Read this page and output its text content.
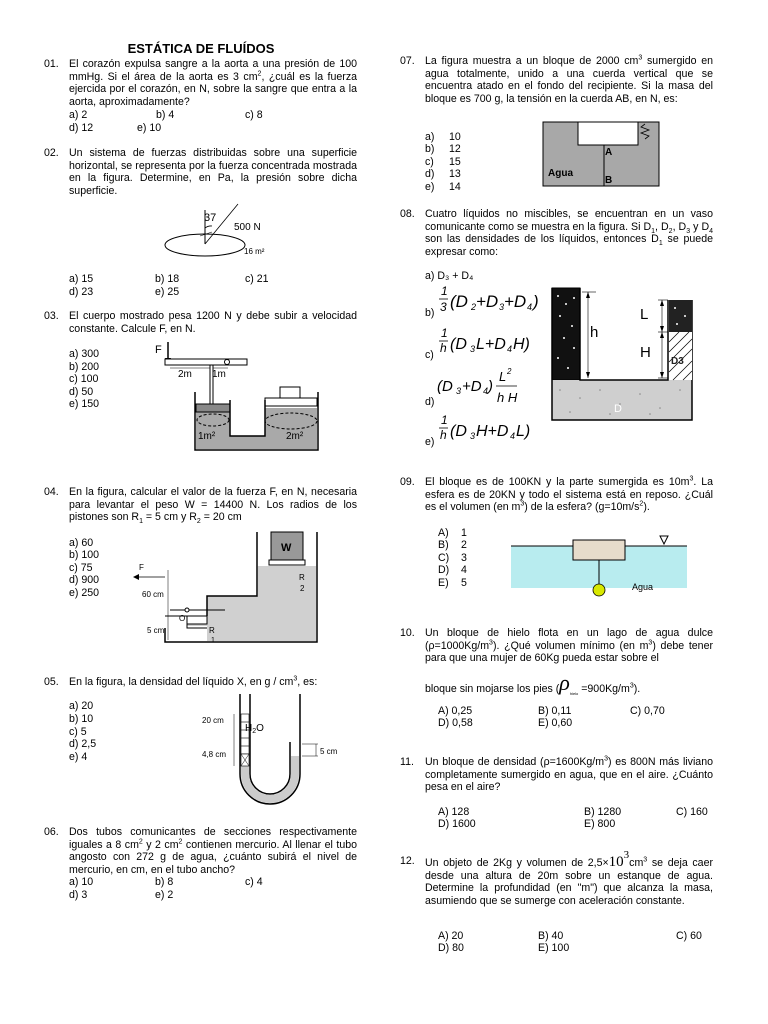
ESTÁTICA DE FLUÍDOS
01. El corazón expulsa sangre a la aorta a una presión de 100 mmHg. Si el área de la aorta es 3 $cm^2$, ¿cuál es la fuerza ejercida por el corazón, en N, sobre la sangre que entra a la aorta, aproximadamente?
a) 2	b) 4	c) 8
d) 12	e) 10
02. Un sistema de fuerzas distribuidas sobre una superficie horizontal, se representa por la fuerza concentrada mostrada en la figura. Determine, en Pa, la presión sobre dicha superficie.
a) 15	b) 18	c) 21
d) 23	e) 25
37
500 N
16 m²
03. El cuerpo mostrado pesa 1200 N y debe subir a velocidad constante. Calcule F, en N.
a) 300
b) 200
c) 100
d) 50
e) 150
F
2m 1m
1m²	2m²
04. En la figura, calcular el valor de la fuerza F, en N, necesaria para levantar el peso W = 14400 N. Los radios de los pistones son $R_1 = 5$ cm y $R_2 = 20$ cm
a) 60
b) 100
c) 75
d) 900
e) 250
W
F
60 cm
5 cm
O
R
1
R
2
05. En la figura, la densidad del líquido X, en g / $cm^3$, es:
a) 20
b) 10
c) 5
d) 2,5
e) 4
20 cm
4,8 cm	5 cm
$H_2O$
06. Dos tubos comunicantes de secciones respectivamente iguales a 8 $cm^2$ y 2 $cm^2$ contienen mercurio. Al llenar el tubo angosto con 272 g de agua, ¿cuánto subirá el nivel de mercurio, en cm, en el tubo ancho?
a) 10	b) 8	c) 4
d) 3	e) 2
07. La figura muestra a un bloque de 2000 $cm^3$ sumergido en agua totalmente, unido a una cuerda vertical que se encuentra atado en el fondo del recipiente. Si la masa del bloque es 700 g, la tensión en la cuerda AB, en N, es:
a) 10
b) 12
c) 15
d) 13
e) 14
A
B
Agua
08. Cuatro líquidos no miscibles, se encuentran en un vaso comunicante como se muestra en la figura. Si $D_1$, $D_2$, $D_3$ y $D_4$ son las densidades de los líquidos, entonces $D_1$ se puede expresar como:
a) D₃ + D₄
b)
1
3 (D 2 +D 3 +D 4 )
c)
1
h (D 3 L+D 4 H)
d)
(D 3 +D 4 )
L 2
h H
e)
1
h (D 3 H+D 4 L)
D3
D
h
L
H
09. El bloque es de 100KN y la parte sumergida es $10m^3$. La esfera es de 20KN y todo el sistema está en reposo. ¿Cuál es el volumen (en $m^3$) de la esfera? $(g=10m/s^2)$.
A) 1
B) 2
C) 3
D) 4
E) 5	Agua
10. Un bloque de hielo flota en un lago de agua dulce $(\rho=1000Kg/m^3)$. ¿Qué volumen mínimo (en $m^3$) debe tener para que una mujer de 60Kg pueda estar sobre el
bloque sin mojarse los pies $(\rho_{hielo} =900Kg/m^3)$.
A) 0,25	B) 0,11	C) 0,70
D) 0,58	E) 0,60
11.	Un bloque de densidad $(\rho=1600Kg/m^3)$ es 800N más liviano completamente sumergido en agua, que en el aire. ¿Cuánto pesa en el aire?
A) 128	B) 1280	C) 160
D) 1600	E) 800
12. Un objeto de 2Kg y volumen de $2,5\times 10^3cm^3$ se deja caer desde una altura de 20m sobre un estanque de agua. Determine la profundidad (en "m") que alcanza la masa, asumiendo que se sumerge con aceleración constante.
A) 20	B) 40	C) 60
D) 80	E) 100
